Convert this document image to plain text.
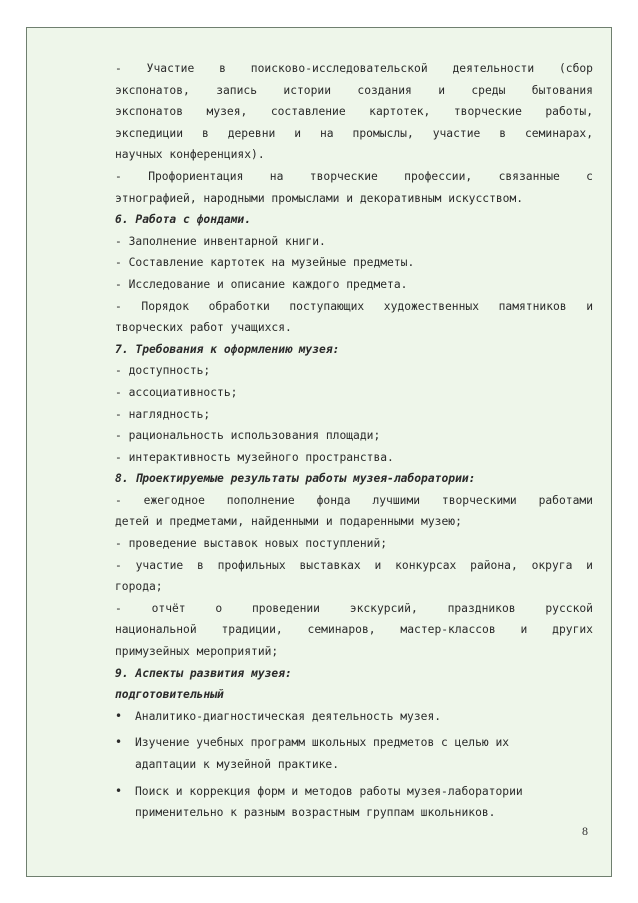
- Участие в поисково-исследовательской деятельности (сбор
экспонатов, запись истории создания и среды бытования
экспонатов музея, составление картотек, творческие работы,
экспедиции в деревни и на промыслы, участие в семинарах,
научных конференциях).
- Профориентация на творческие профессии, связанные с
этнографией, народными промыслами и декоративным искусством.
6. Работа с фондами.
- Заполнение инвентарной книги.
- Составление картотек на музейные предметы.
- Исследование и описание каждого предмета.
- Порядок обработки поступающих художественных памятников и
творческих работ учащихся.
7. Требования к оформлению музея:
- доступность;
- ассоциативность;
- наглядность;
- рациональность использования площади;
- интерактивность музейного пространства.
8. Проектируемые результаты работы музея-лаборатории:
- ежегодное пополнение фонда лучшими творческими работами
детей и предметами, найденными и подаренными музею;
- проведение выставок новых поступлений;
- участие в профильных выставках и конкурсах района, округа и
города;
- отчёт о проведении экскурсий, праздников русской
национальной традиции, семинаров, мастер-классов и других
примузейных мероприятий;
9. Аспекты развития музея:
подготовительный
• Аналитико-диагностическая деятельность музея.
• Изучение учебных программ школьных предметов с целью их
адаптации к музейной практике.
• Поиск и коррекция форм и методов работы музея-лаборатории
применительно к разным возрастным группам школьников.
8
